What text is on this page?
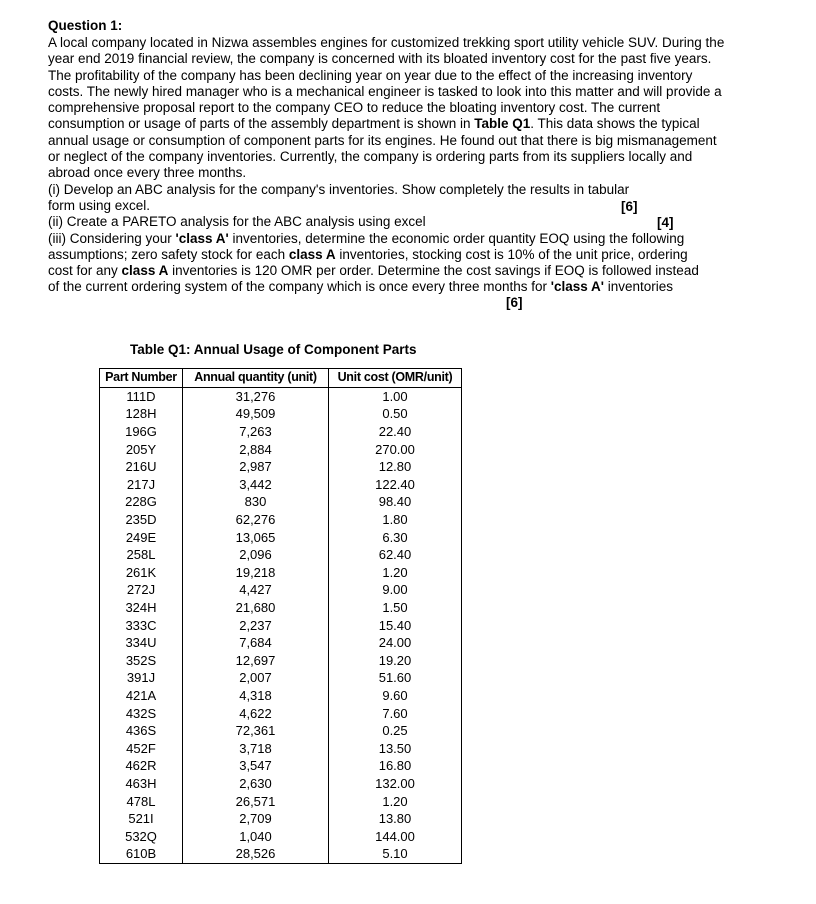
Question 1:

A local company located in Nizwa assembles engines for customized trekking sport utility vehicle SUV. During the year end 2019 financial review, the company is concerned with its bloated inventory cost for the past five years. The profitability of the company has been declining year on year due to the effect of the increasing inventory costs. The newly hired manager who is a mechanical engineer is tasked to look into this matter and will provide a comprehensive proposal report to the company CEO to reduce the bloating inventory cost. The current consumption or usage of parts of the assembly department is shown in Table Q1. This data shows the typical annual usage or consumption of component parts for its engines. He found out that there is big mismanagement or neglect of the company inventories. Currently, the company is ordering parts from its suppliers locally and abroad once every three months.

(i) Develop an ABC analysis for the company's inventories. Show completely the results in tabular form using excel.

(ii) Create a PARETO analysis for the ABC analysis using excel

(iii) Considering your 'class A' inventories, determine the economic order quantity EOQ using the following assumptions; zero safety stock for each class A inventories, stocking cost is 10% of the unit price, ordering cost for any class A inventories is 120 OMR per order. Determine the cost savings if EOQ is followed instead of the current ordering system of the company which is once every three months for 'class A' inventories

[6]
[4]
[6]
Table Q1: Annual Usage of Component Parts
Part Number	Annual quantity (unit)	Unit cost (OMR/unit)
111D	31,276	1.00
128H	49,509	0.50
196G	7,263	22.40
205Y	2,884	270.00
216U	2,987	12.80
217J	3,442	122.40
228G	830	98.40
235D	62,276	1.80
249E	13,065	6.30
258L	2,096	62.40
261K	19,218	1.20
272J	4,427	9.00
324H	21,680	1.50
333C	2,237	15.40
334U	7,684	24.00
352S	12,697	19.20
391J	2,007	51.60
421A	4,318	9.60
432S	4,622	7.60
436S	72,361	0.25
452F	3,718	13.50
462R	3,547	16.80
463H	2,630	132.00
478L	26,571	1.20
521I	2,709	13.80
532Q	1,040	144.00
610B	28,526	5.10
